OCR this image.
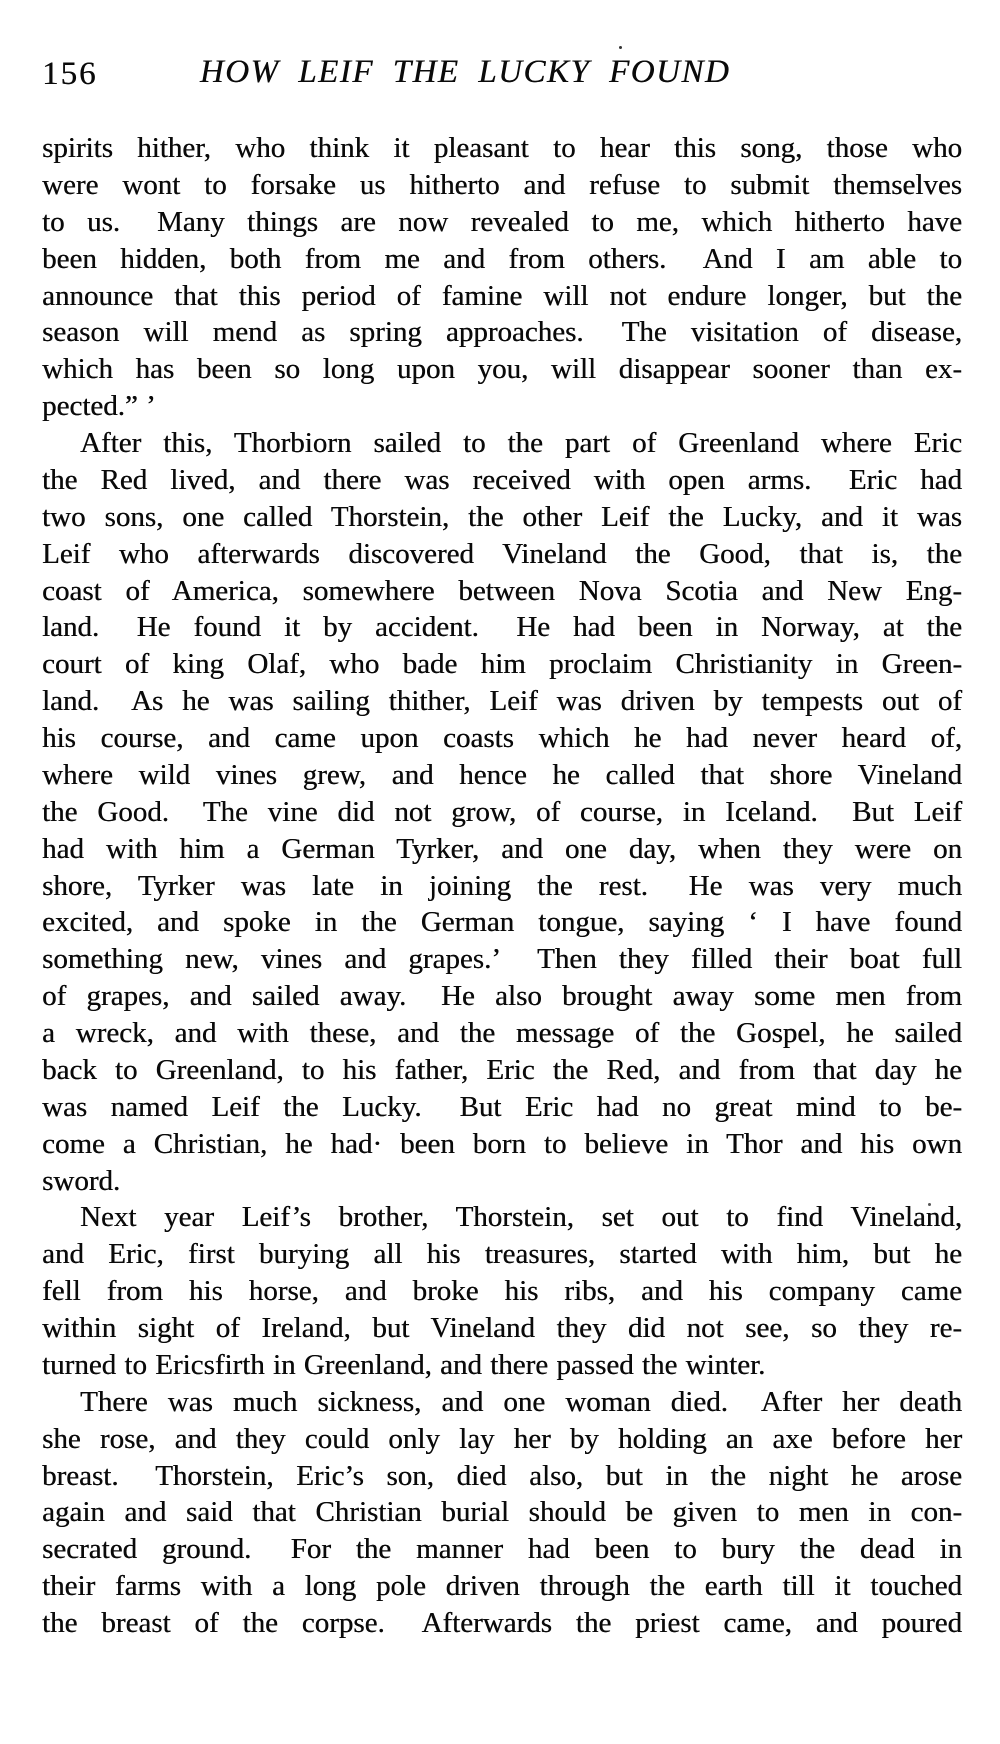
156	HOW LEIF THE LUCKY FOUND
spirits hither, who think it pleasant to hear this song, those who
were wont to forsake us hitherto and refuse to submit themselves
to us.  Many things are now revealed to me, which hitherto have
been hidden, both from me and from others.  And I am able to
announce that this period of famine will not endure longer, but the
season will mend as spring approaches.  The visitation of disease,
which has been so long upon you, will disappear sooner than ex-
pected.” ’
After this, Thorbiorn sailed to the part of Greenland where Eric
the Red lived, and there was received with open arms.  Eric had
two sons, one called Thorstein, the other Leif the Lucky, and it was
Leif who afterwards discovered Vineland the Good, that is, the
coast of America, somewhere between Nova Scotia and New Eng-
land.  He found it by accident.  He had been in Norway, at the
court of king Olaf, who bade him proclaim Christianity in Green-
land.  As he was sailing thither, Leif was driven by tempests out of
his course, and came upon coasts which he had never heard of,
where wild vines grew, and hence he called that shore Vineland
the Good.  The vine did not grow, of course, in Iceland.  But Leif
had with him a German Tyrker, and one day, when they were on
shore, Tyrker was late in joining the rest.  He was very much
excited, and spoke in the German tongue, saying ‘ I have found
something new, vines and grapes.’  Then they filled their boat full
of grapes, and sailed away.  He also brought away some men from
a wreck, and with these, and the message of the Gospel, he sailed
back to Greenland, to his father, Eric the Red, and from that day he
was named Leif the Lucky.  But Eric had no great mind to be-
come a Christian, he had· been born to believe in Thor and his own
sword.
Next year Leif’s brother, Thorstein, set out to find Vineland,
and Eric, first burying all his treasures, started with him, but he
fell from his horse, and broke his ribs, and his company came
within sight of Ireland, but Vineland they did not see, so they re-
turned to Ericsfirth in Greenland, and there passed the winter.
There was much sickness, and one woman died.  After her death
she rose, and they could only lay her by holding an axe before her
breast.  Thorstein, Eric’s son, died also, but in the night he arose
again and said that Christian burial should be given to men in con-
secrated ground.  For the manner had been to bury the dead in
their farms with a long pole driven through the earth till it touched
the breast of the corpse.  Afterwards the priest came, and poured
